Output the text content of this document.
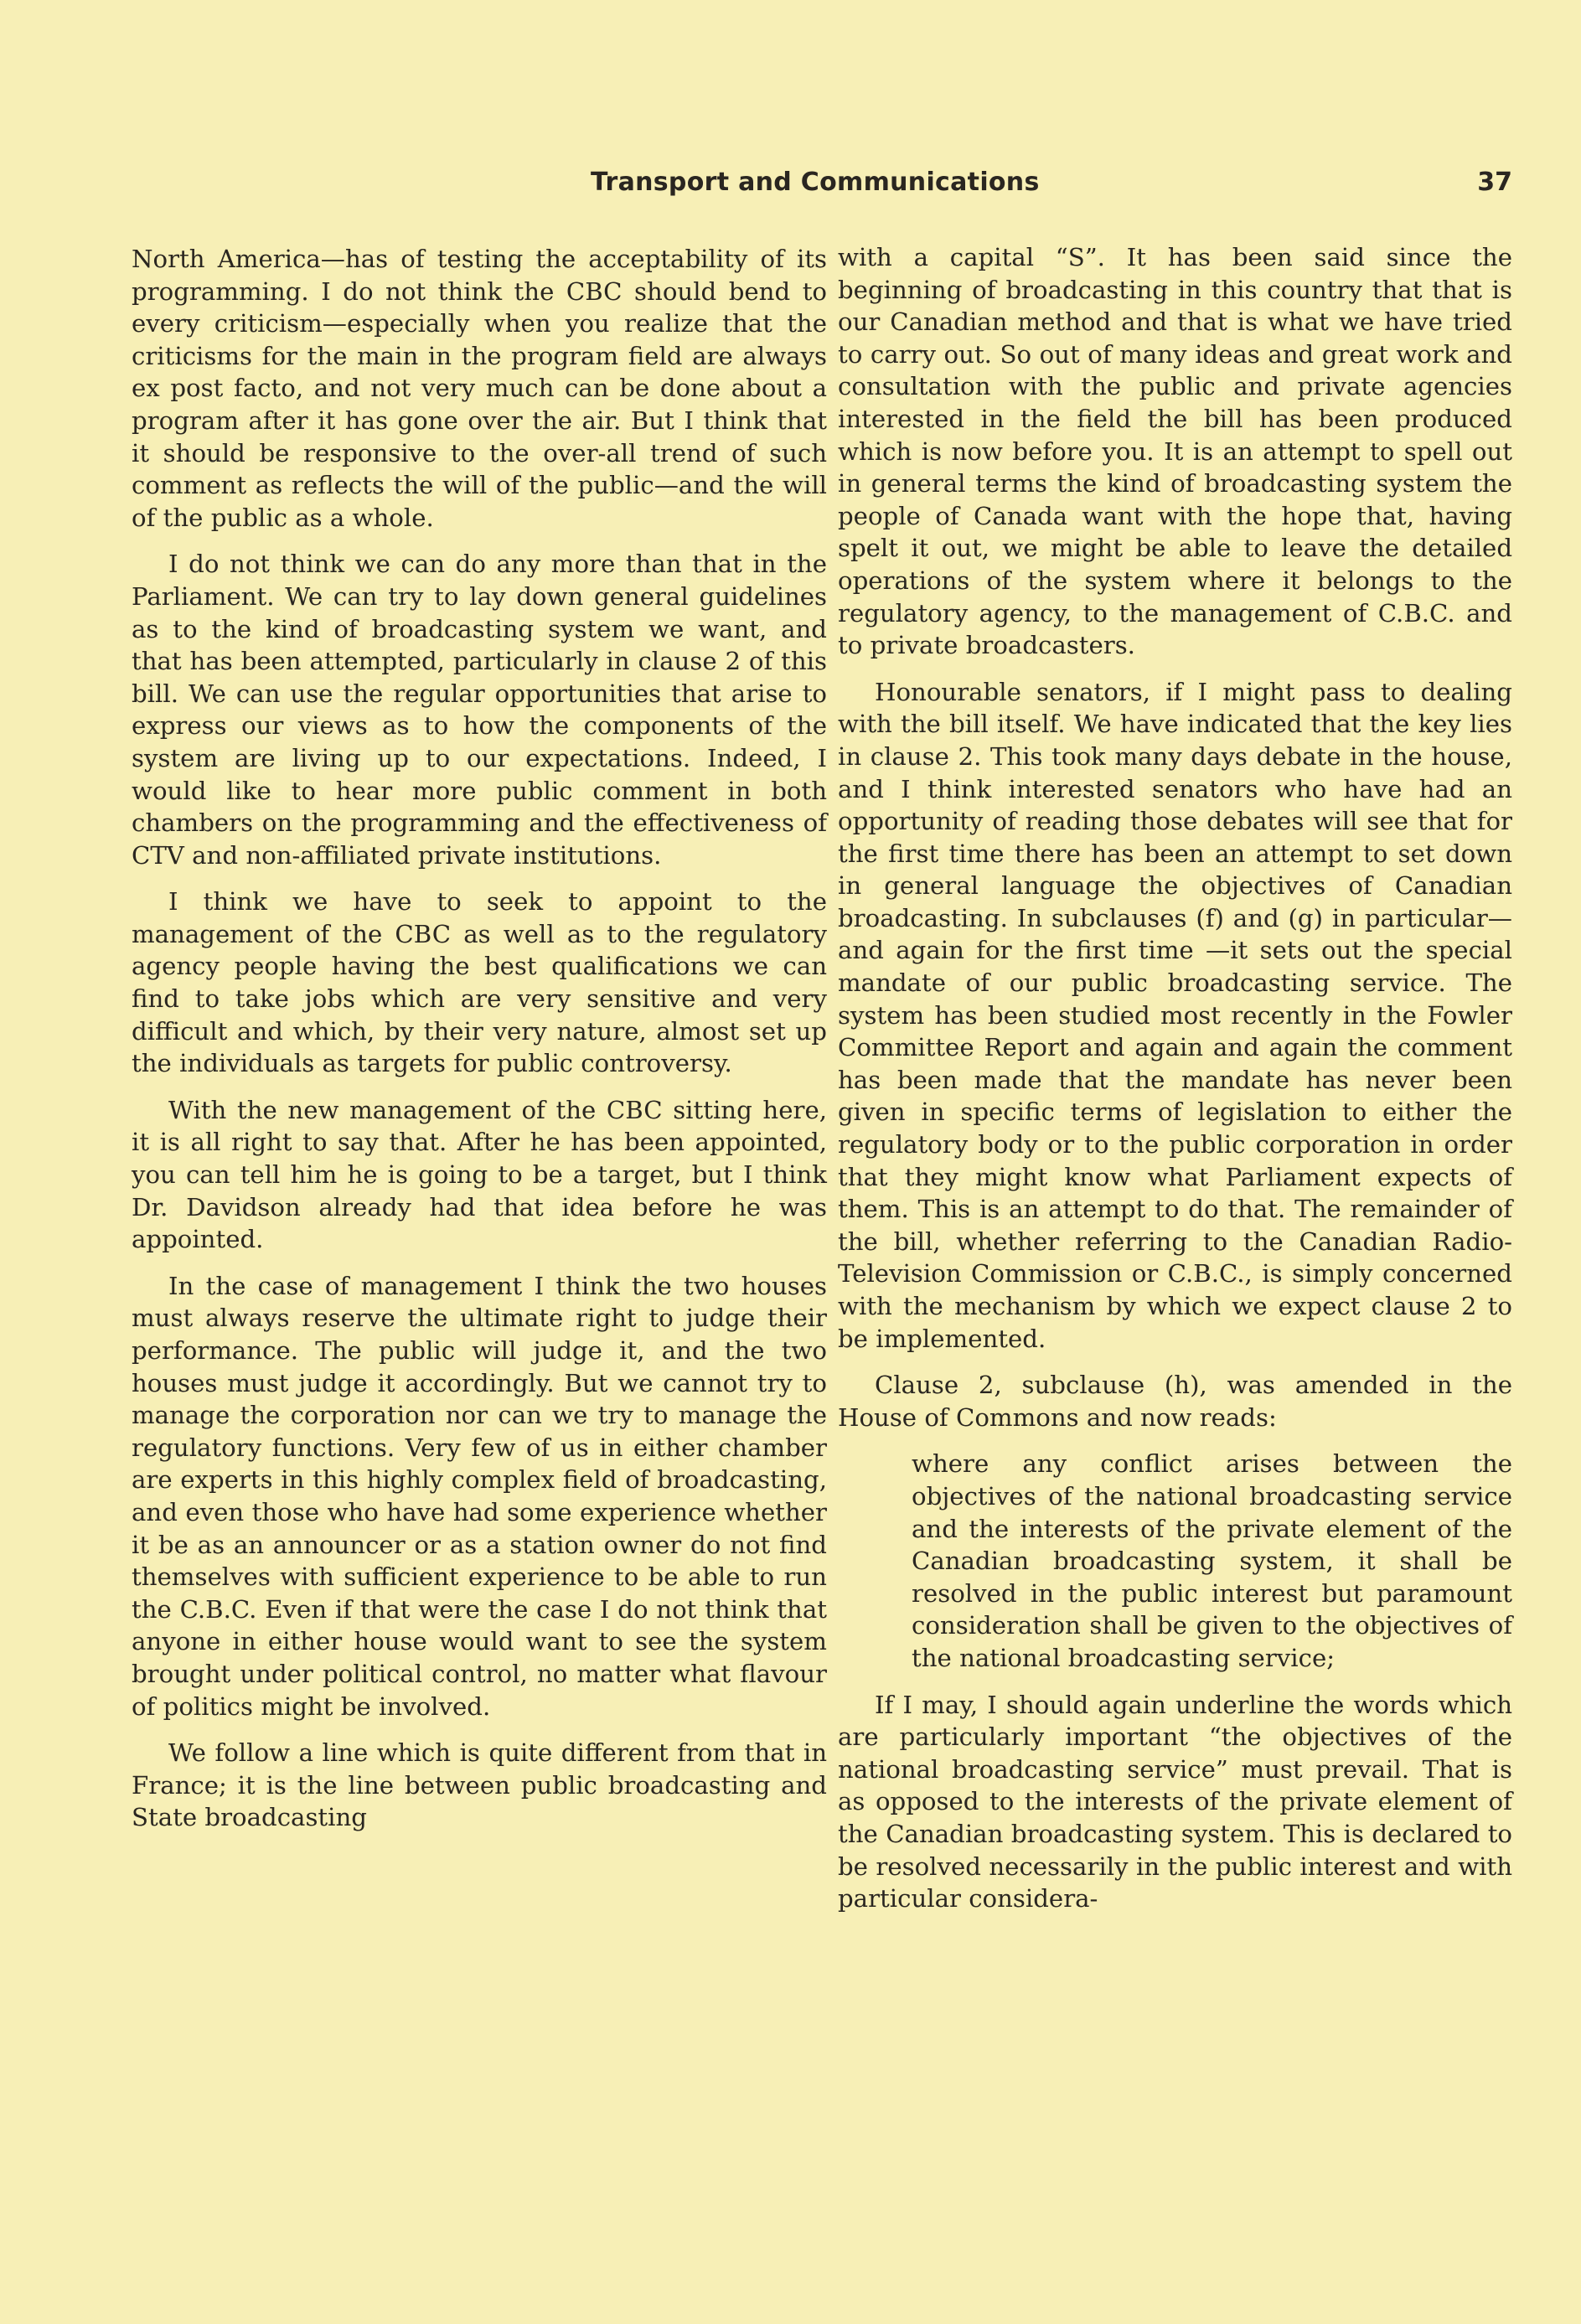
Transport and Communications	37

North America—has of testing the acceptability of its programming. I do not think the CBC should bend to every criticism—especially when you realize that the criticisms for the main in the program field are always ex post facto, and not very much can be done about a program after it has gone over the air. But I think that it should be responsive to the over-all trend of such comment as reflects the will of the public—and the will of the public as a whole.

I do not think we can do any more than that in the Parliament. We can try to lay down general guidelines as to the kind of broadcasting system we want, and that has been attempted, particularly in clause 2 of this bill. We can use the regular opportunities that arise to express our views as to how the components of the system are living up to our expectations. Indeed, I would like to hear more public comment in both chambers on the programming and the effectiveness of CTV and non-affiliated private institutions.

I think we have to seek to appoint to the management of the CBC as well as to the regulatory agency people having the best qualifications we can find to take jobs which are very sensitive and very difficult and which, by their very nature, almost set up the individuals as targets for public controversy.

With the new management of the CBC sitting here, it is all right to say that. After he has been appointed, you can tell him he is going to be a target, but I think Dr. Davidson already had that idea before he was appointed.

In the case of management I think the two houses must always reserve the ultimate right to judge their performance. The public will judge it, and the two houses must judge it accordingly. But we cannot try to manage the corporation nor can we try to manage the regulatory functions. Very few of us in either chamber are experts in this highly complex field of broadcasting, and even those who have had some experience whether it be as an announcer or as a station owner do not find themselves with sufficient experience to be able to run the C.B.C. Even if that were the case I do not think that anyone in either house would want to see the system brought under political control, no matter what flavour of politics might be involved.

We follow a line which is quite different from that in France; it is the line between public broadcasting and State broadcasting

with a capital “S”. It has been said since the beginning of broadcasting in this country that that is our Canadian method and that is what we have tried to carry out. So out of many ideas and great work and consultation with the public and private agencies interested in the field the bill has been produced which is now before you. It is an attempt to spell out in general terms the kind of broadcasting system the people of Canada want with the hope that, having spelt it out, we might be able to leave the detailed operations of the system where it belongs to the regulatory agency, to the management of C.B.C. and to private broadcasters.

Honourable senators, if I might pass to dealing with the bill itself. We have indicated that the key lies in clause 2. This took many days debate in the house, and I think interested senators who have had an opportunity of reading those debates will see that for the first time there has been an attempt to set down in general language the objectives of Canadian broadcasting. In subclauses (f) and (g) in particular—and again for the first time —it sets out the special mandate of our public broadcasting service. The system has been studied most recently in the Fowler Committee Report and again and again the comment has been made that the mandate has never been given in specific terms of legislation to either the regulatory body or to the public corporation in order that they might know what Parliament expects of them. This is an attempt to do that. The remainder of the bill, whether referring to the Canadian Radio-Television Commission or C.B.C., is simply concerned with the mechanism by which we expect clause 2 to be implemented.

Clause 2, subclause (h), was amended in the House of Commons and now reads:

where any conflict arises between the objectives of the national broadcasting service and the interests of the private element of the Canadian broadcasting system, it shall be resolved in the public interest but paramount consideration shall be given to the objectives of the national broadcasting service;

If I may, I should again underline the words which are particularly important “the objectives of the national broadcasting service” must prevail. That is as opposed to the interests of the private element of the Canadian broadcasting system. This is declared to be resolved necessarily in the public interest and with particular considera-
